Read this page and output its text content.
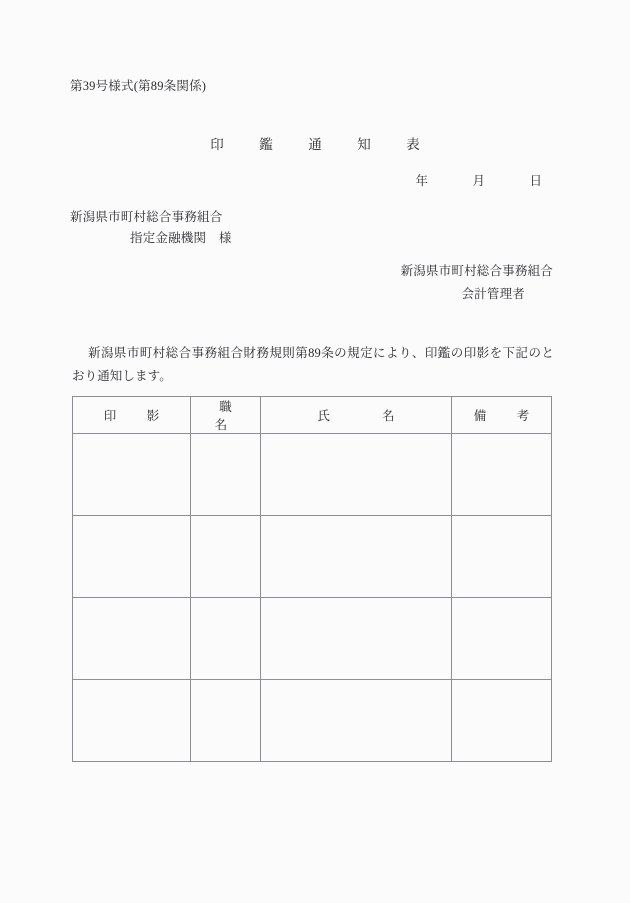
第39号様式(第89条関係)
印　鑑　通　知　表
年　月　日
新潟県市町村総合事務組合
指定金融機関　様
新潟県市町村総合事務組合
会計管理者
新潟県市町村総合事務組合財務規則第89条の規定により、印鑑の印影を下記のとおり通知します。
印　影	職　名	氏　　名	備　考
